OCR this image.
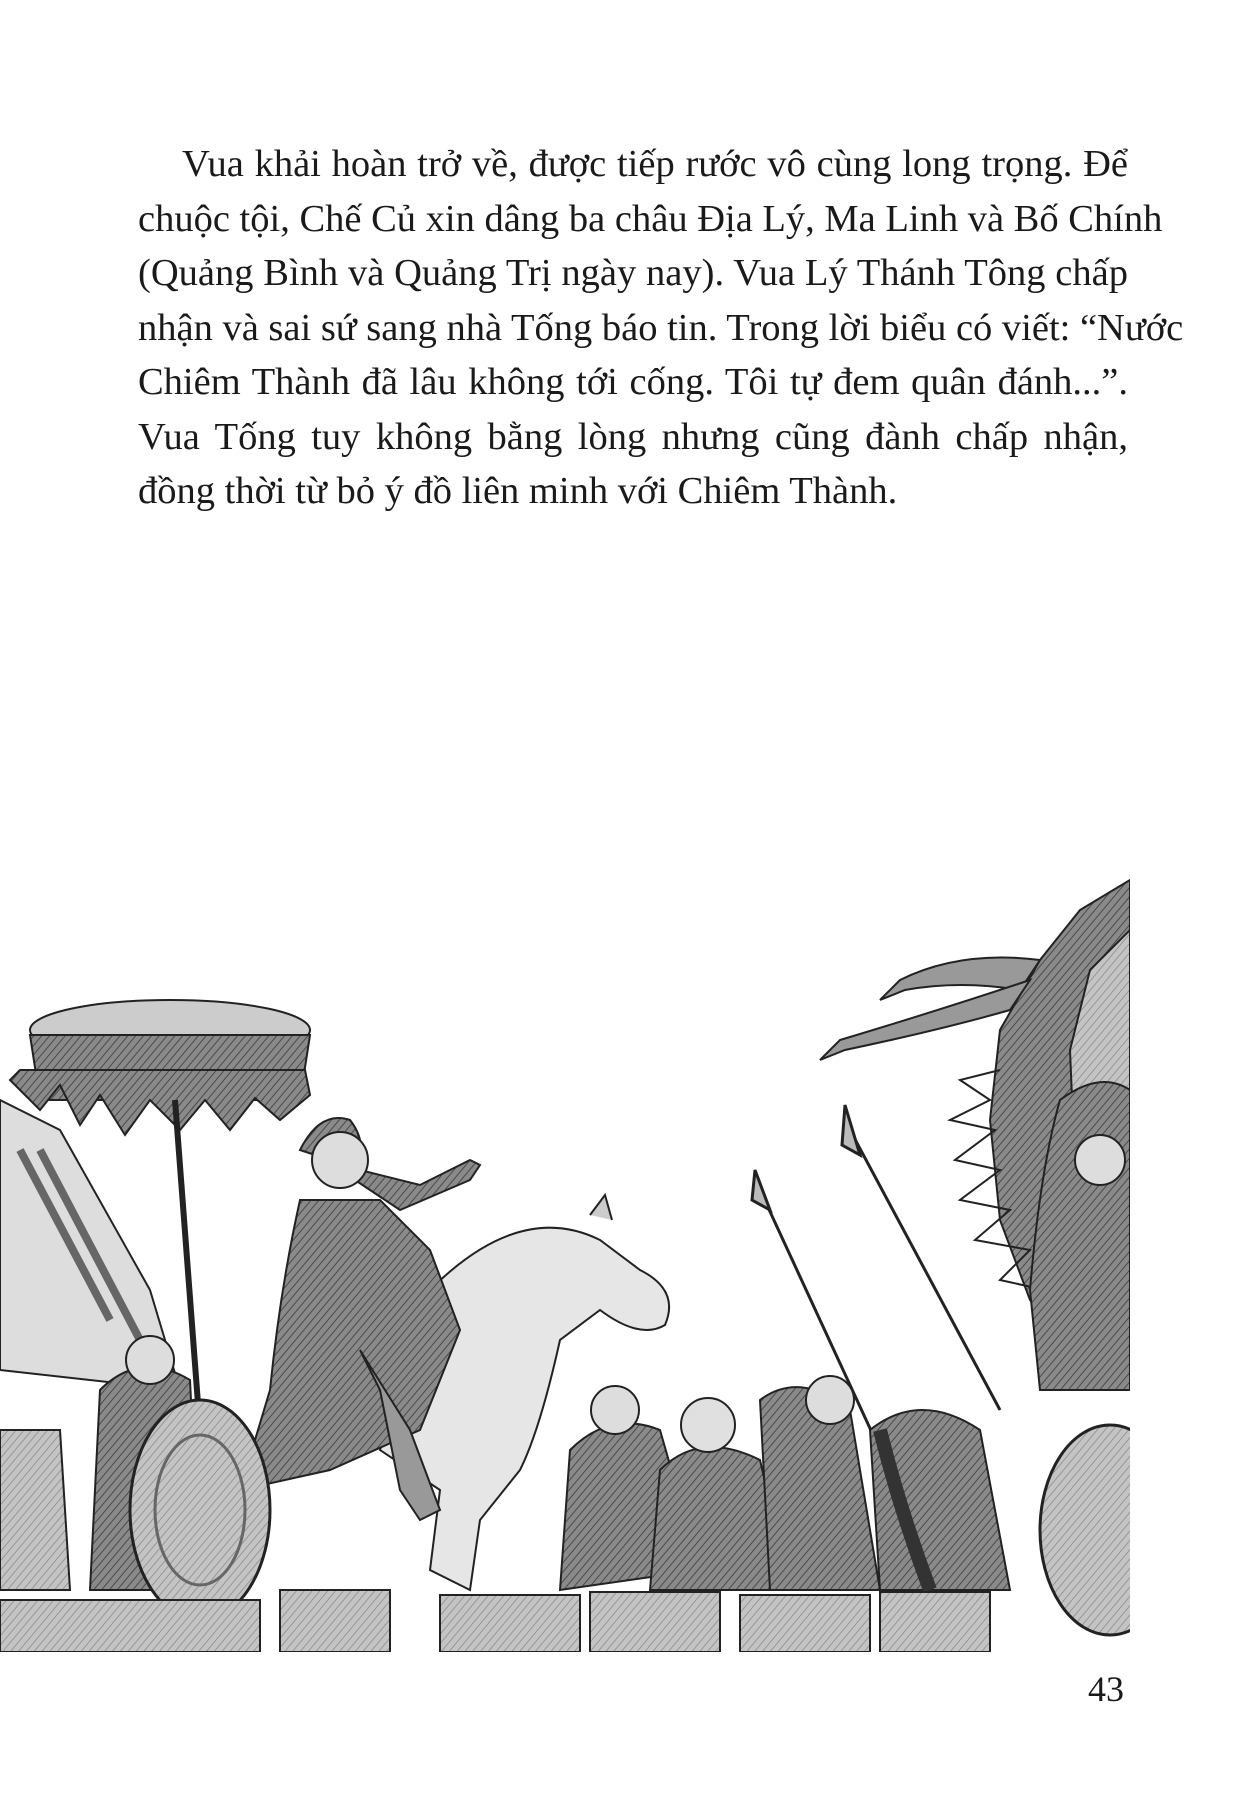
Vua khải hoàn trở về, được tiếp rước vô cùng long trọng. Để
chuộc tội, Chế Củ xin dâng ba châu Địa Lý, Ma Linh và Bố Chính
(Quảng Bình và Quảng Trị ngày nay). Vua Lý Thánh Tông chấp
nhận và sai sứ sang nhà Tống báo tin. Trong lời biểu có viết: “Nước
Chiêm Thành đã lâu không tới cống. Tôi tự đem quân đánh...”.
Vua Tống tuy không bằng lòng nhưng cũng đành chấp nhận,
đồng thời từ bỏ ý đồ liên minh với Chiêm Thành.
43
